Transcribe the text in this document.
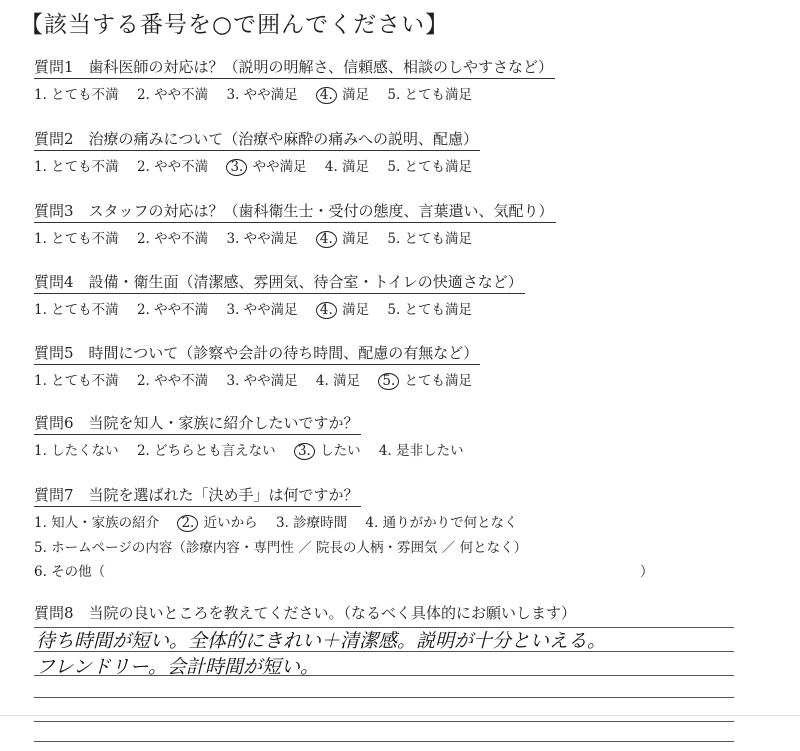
【該当する番号を○で囲んでください】
質問1　歯科医師の対応は？（説明の明解さ、信頼感、相談のしやすさなど）
1. とても不満 2. やや不満 3. やや満足 4. 満足 5. とても満足
質問2　治療の痛みについて（治療や麻酔の痛みへの説明、配慮）
1. とても不満 2. やや不満 3. やや満足 4. 満足 5. とても満足
質問3　スタッフの対応は？（歯科衛生士・受付の態度、言葉遣い、気配り）
1. とても不満 2. やや不満 3. やや満足 4. 満足 5. とても満足
質問4　設備・衛生面（清潔感、雰囲気、待合室・トイレの快適さなど）
1. とても不満 2. やや不満 3. やや満足 4. 満足 5. とても満足
質問5　時間について（診察や会計の待ち時間、配慮の有無など）
1. とても不満 2. やや不満 3. やや満足 4. 満足 5. とても満足
質問6　当院を知人・家族に紹介したいですか？
1. したくない 2. どちらとも言えない 3. したい 4. 是非したい
質問7　当院を選ばれた「決め手」は何ですか？
1. 知人・家族の紹介 2. 近いから 3. 診療時間 4. 通りがかりで何となく
5. ホームページの内容（診療内容・専門性 ／ 院長の人柄・雰囲気 ／ 何となく）
6. その他（	）
質問8　当院の良いところを教えてください。（なるべく具体的にお願いします）
待ち時間が短い。全体的にきれい＋清潔感。説明が十分といえる。
フレンドリー。会計時間が短い。
